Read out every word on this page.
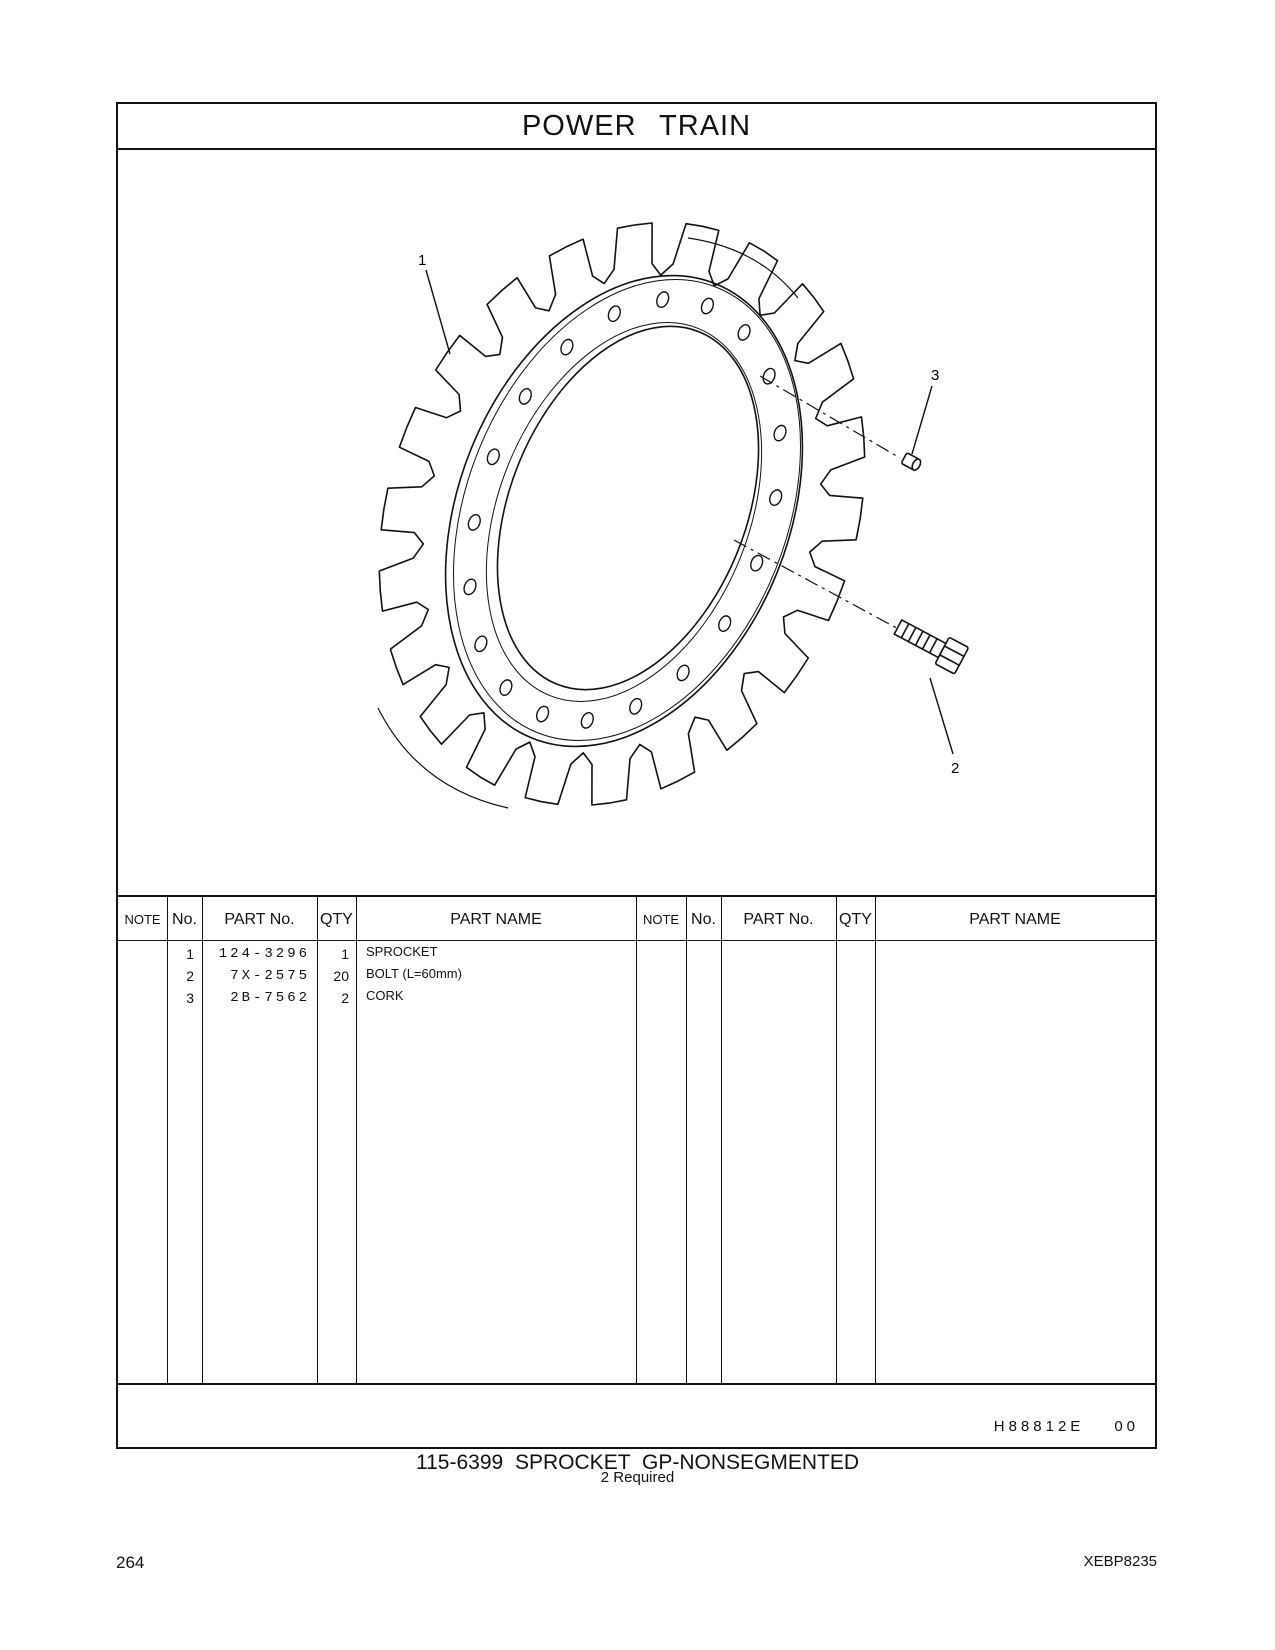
POWER TRAIN
1
3
2
NOTE No.	PART No.	QTY	PART NAME	NOTE No.	PART No.	QTY	PART NAME
1	124-3296	1 SPROCKET
2	7X-2575	20 BOLT (L=60mm)
3	2B-7562	2 CORK
H88812E 00
115-6399 SPROCKET GP-NONSEGMENTED
2 Required
264	XEBP8235
